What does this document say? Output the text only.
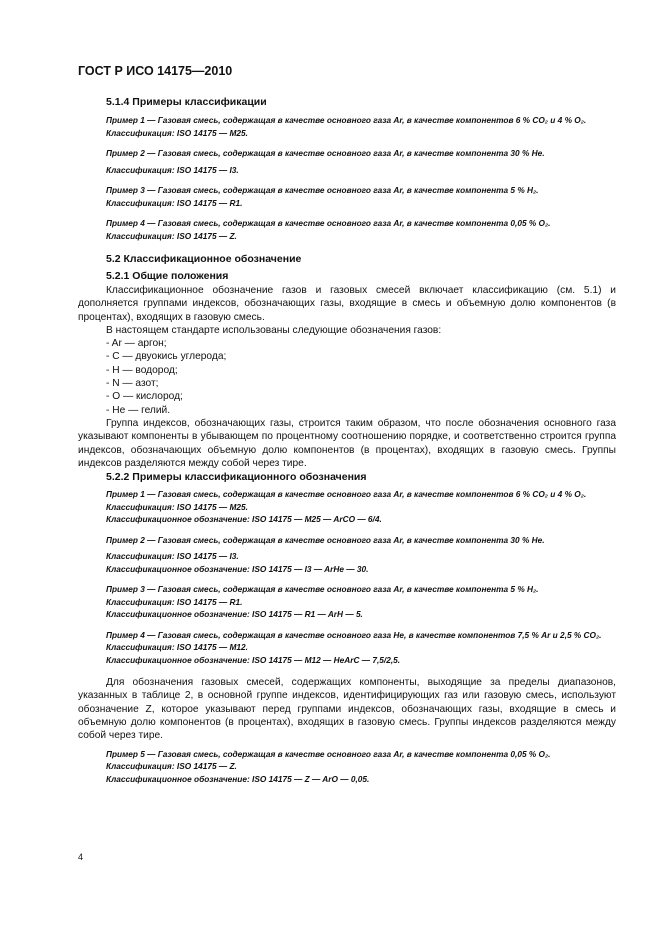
ГОСТ Р ИСО 14175—2010
5.1.4 Примеры классификации
Пример 1 — Газовая смесь, содержащая в качестве основного газа Ar, в качестве компонентов 6 % CO₂ и 4 % O₂.
Классификация: ISO 14175 — M25.
Пример 2 — Газовая смесь, содержащая в качестве основного газа Ar, в качестве компонента 30 % He.
Классификация: ISO 14175 — I3.
Пример 3 — Газовая смесь, содержащая в качестве основного газа Ar, в качестве компонента 5 % H₂.
Классификация: ISO 14175 — R1.
Пример 4 — Газовая смесь, содержащая в качестве основного газа Ar, в качестве компонента 0,05 % O₂.
Классификация: ISO 14175 — Z.
5.2 Классификационное обозначение
5.2.1 Общие положения

Классификационное обозначение газов и газовых смесей включает классификацию (см. 5.1) и дополняется группами индексов, обозначающих газы, входящие в смесь и объемную долю компонентов (в процентах), входящих в газовую смесь.

В настоящем стандарте использованы следующие обозначения газов:

- Ar — аргон;
- C — двуокись углерода;
- H — водород;
- N — азот;
- O — кислород;
- He — гелий.

Группа индексов, обозначающих газы, строится таким образом, что после обозначения основного газа указывают компоненты в убывающем по процентному соотношению порядке, и соответственно строится группа индексов, обозначающих объемную долю компонентов (в процентах), входящих в газовую смесь. Группы индексов разделяются между собой через тире.

5.2.2 Примеры классификационного обозначения
Пример 1 — Газовая смесь, содержащая в качестве основного газа Ar, в качестве компонентов 6 % CO₂ и 4 % O₂.
Классификация: ISO 14175 — M25.
Классификационное обозначение: ISO 14175 — M25 — ArCO — 6/4.
Пример 2 — Газовая смесь, содержащая в качестве основного газа Ar, в качестве компонента 30 % He.
Классификация: ISO 14175 — I3.
Классификационное обозначение: ISO 14175 — I3 — ArHe — 30.
Пример 3 — Газовая смесь, содержащая в качестве основного газа Ar, в качестве компонента 5 % H₂.
Классификация: ISO 14175 — R1.
Классификационное обозначение: ISO 14175 — R1 — ArH — 5.
Пример 4 — Газовая смесь, содержащая в качестве основного газа He, в качестве компонентов 7,5 % Ar и 2,5 % CO₂.
Классификация: ISO 14175 — M12.
Классификационное обозначение: ISO 14175 — M12 — HeArC — 7,5/2,5.

Для обозначения газовых смесей, содержащих компоненты, выходящие за пределы диапазонов, указанных в таблице 2, в основной группе индексов, идентифицирующих газ или газовую смесь, используют обозначение Z, которое указывают перед группами индексов, обозначающих газы, входящие в смесь и объемную долю компонентов (в процентах), входящих в газовую смесь. Группы индексов разделяются между собой через тире.

Пример 5 — Газовая смесь, содержащая в качестве основного газа Ar, в качестве компонента 0,05 % O₂.
Классификация: ISO 14175 — Z.
Классификационное обозначение: ISO 14175 — Z — ArO — 0,05.
4
